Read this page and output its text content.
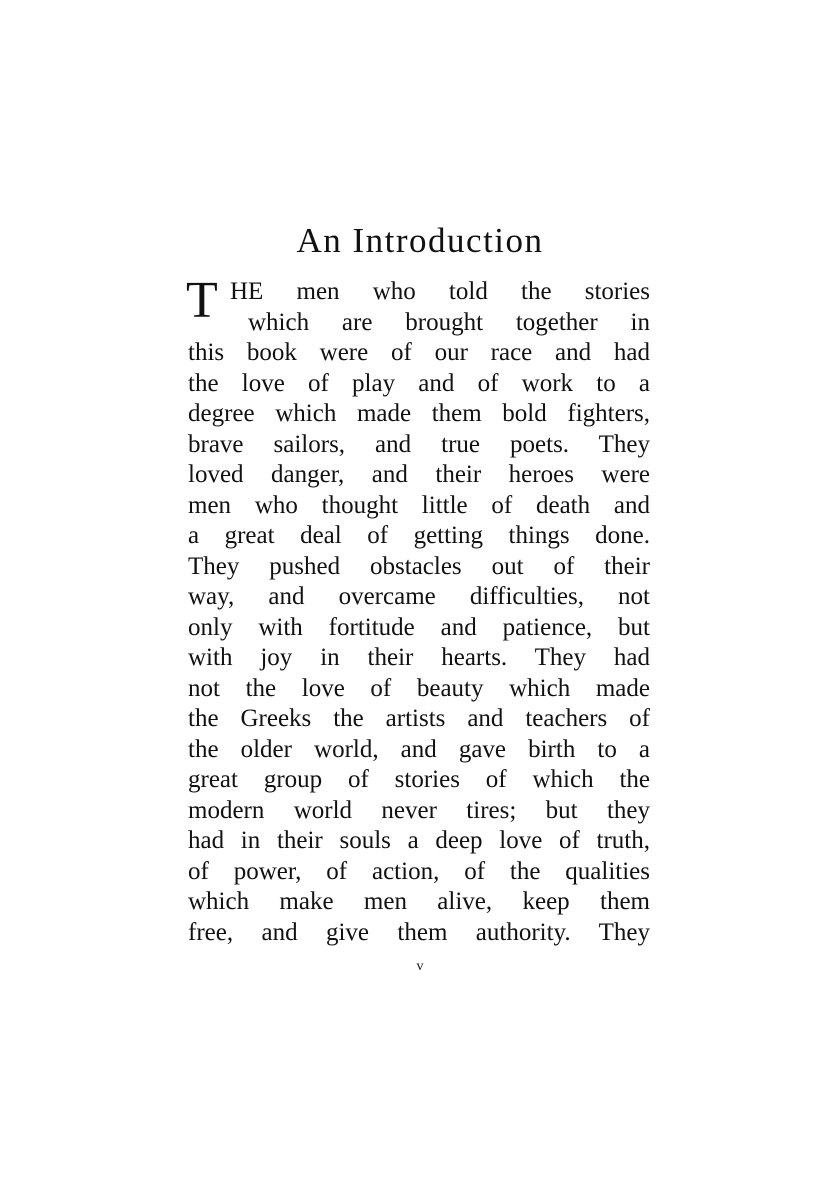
An Introduction
T HE men who told the stories
which are brought together in
this book were of our race and had
the love of play and of work to a
degree which made them bold fighters,
brave sailors, and true poets. They
loved danger, and their heroes were
men who thought little of death and
a great deal of getting things done.
They pushed obstacles out of their
way, and overcame difficulties, not
only with fortitude and patience, but
with joy in their hearts. They had
not the love of beauty which made
the Greeks the artists and teachers of
the older world, and gave birth to a
great group of stories of which the
modern world never tires; but they
had in their souls a deep love of truth,
of power, of action, of the qualities
which make men alive, keep them
free, and give them authority. They
v
